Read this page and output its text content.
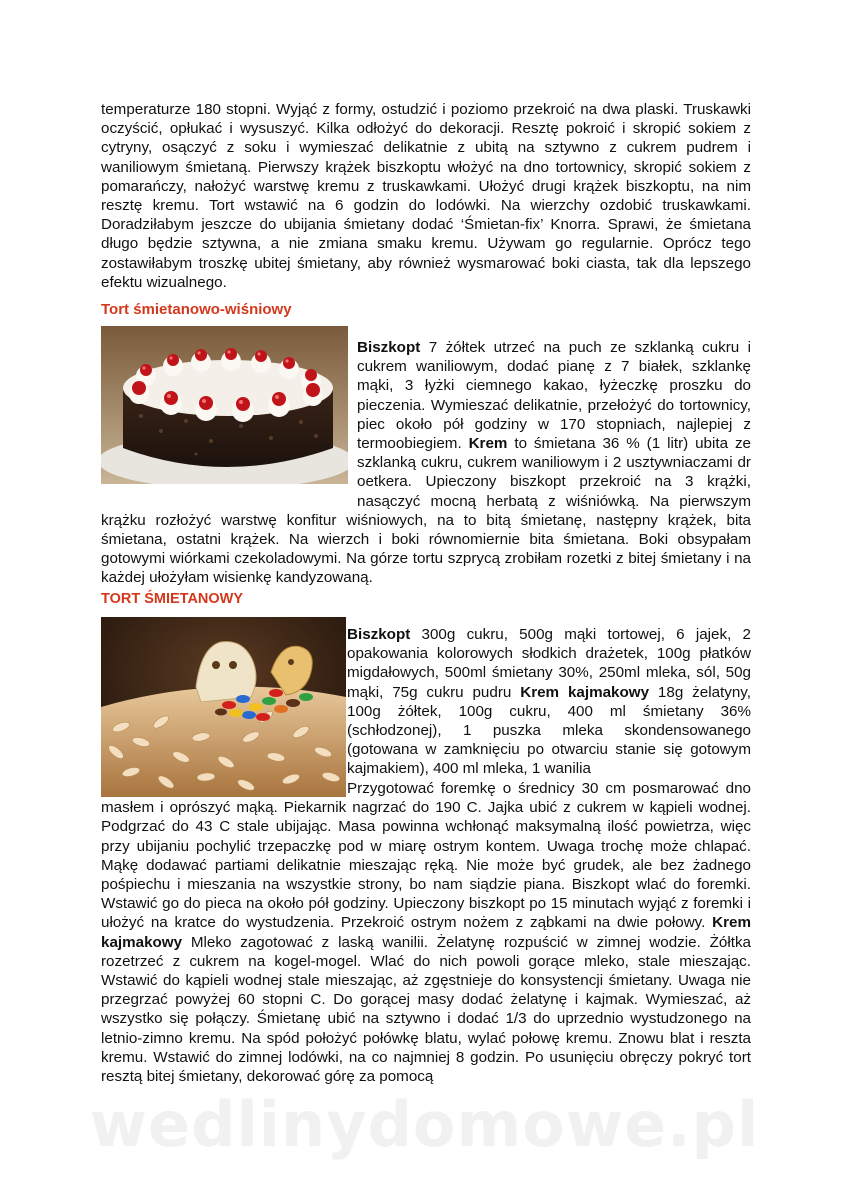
temperaturze 180 stopni. Wyjąć z formy, ostudzić i poziomo przekroić na dwa plaski. Truskawki oczyścić, opłukać i wysuszyć. Kilka odłożyć do dekoracji. Resztę pokroić i skropić sokiem z cytryny, osączyć z soku i wymieszać delikatnie z ubitą na sztywno z cukrem pudrem i waniliowym śmietaną. Pierwszy krążek biszkoptu włożyć na dno tortownicy, skropić sokiem z pomarańczy, nałożyć warstwę kremu z truskawkami. Ułożyć drugi krążek biszkoptu, na nim resztę kremu. Tort wstawić na 6 godzin do lodówki. Na wierzchy ozdobić truskawkami. Doradziłabym jeszcze do ubijania śmietany dodać ‘Śmietan-fix’ Knorra. Sprawi, że śmietana długo będzie sztywna, a nie zmiana smaku kremu. Używam go regularnie. Oprócz tego zostawiłabym troszkę ubitej śmietany, aby również wysmarować boki ciasta, tak dla lepszego efektu wizualnego.
Tort śmietanowo-wiśniowy
Biszkopt 7 żółtek utrzeć na puch ze szklanką cukru i cukrem waniliowym, dodać pianę z 7 białek, szklankę mąki, 3 łyżki ciemnego kakao, łyżeczkę proszku do pieczenia. Wymieszać delikatnie, przełożyć do tortownicy, piec około pół godziny w 170 stopniach, najlepiej z termoobiegiem. Krem to śmietana 36 % (1 litr) ubita ze szklanką cukru, cukrem waniliowym i 2 usztywniaczami dr oetkera. Upieczony biszkopt przekroić na 3 krążki, nasączyć mocną herbatą z wiśniówką. Na pierwszym krążku rozłożyć warstwę konfitur wiśniowych, na to bitą śmietanę, następny krążek, bita śmietana, ostatni krążek. Na wierzch i boki równomiernie bita śmietana. Boki obsypałam gotowymi wiórkami czekoladowymi. Na górze tortu szprycą zrobiłam rozetki z bitej śmietany i na każdej ułożyłam wisienkę kandyzowaną.
TORT ŚMIETANOWY
Biszkopt 300g cukru, 500g mąki tortowej, 6 jajek, 2 opakowania kolorowych słodkich drażetek, 100g płatków migdałowych, 500ml śmietany 30%, 250ml mleka, sól, 50g mąki, 75g cukru pudru Krem kajmakowy 18g żelatyny, 100g żółtek, 100g cukru, 400 ml śmietany 36% (schłodzonej), 1 puszka mleka skondensowanego (gotowana w zamknięciu po otwarciu stanie się gotowym kajmakiem), 400 ml mleka, 1 wanilia
Przygotować foremkę o średnicy 30 cm posmarować dno masłem i oprószyć mąką. Piekarnik nagrzać do 190 C. Jajka ubić z cukrem w kąpieli wodnej. Podgrzać do 43 C stale ubijając. Masa powinna wchłonąć maksymalną ilość powietrza, więc przy ubijaniu pochylić trzepaczkę pod w miarę ostrym kontem. Uwaga trochę może chlapać. Mąkę dodawać partiami delikatnie mieszając ręką. Nie może być grudek, ale bez żadnego pośpiechu i mieszania na wszystkie strony, bo nam siądzie piana. Biszkopt wlać do foremki. Wstawić go do pieca na około pół godziny. Upieczony biszkopt po 15 minutach wyjąć z foremki i ułożyć na kratce do wystudzenia. Przekroić ostrym nożem z ząbkami na dwie połowy. Krem kajmakowy Mleko zagotować z laską wanilii. Żelatynę rozpuścić w zimnej wodzie. Żółtka rozetrzeć z cukrem na kogel-mogel. Wlać do nich powoli gorące mleko, stale mieszając. Wstawić do kąpieli wodnej stale mieszając, aż zgęstnieje do konsystencji śmietany. Uwaga nie przegrzać powyżej 60 stopni C. Do gorącej masy dodać żelatynę i kajmak. Wymieszać, aż wszystko się połączy. Śmietanę ubić na sztywno i dodać 1/3 do uprzednio wystudzonego na letnio-zimno kremu. Na spód położyć połówkę blatu, wylać połowę kremu. Znowu blat i reszta kremu. Wstawić do zimnej lodówki, na co najmniej 8 godzin. Po usunięciu obręczy pokryć tort resztą bitej śmietany, dekorować górę za pomocą
wedlinydomowe.pl
